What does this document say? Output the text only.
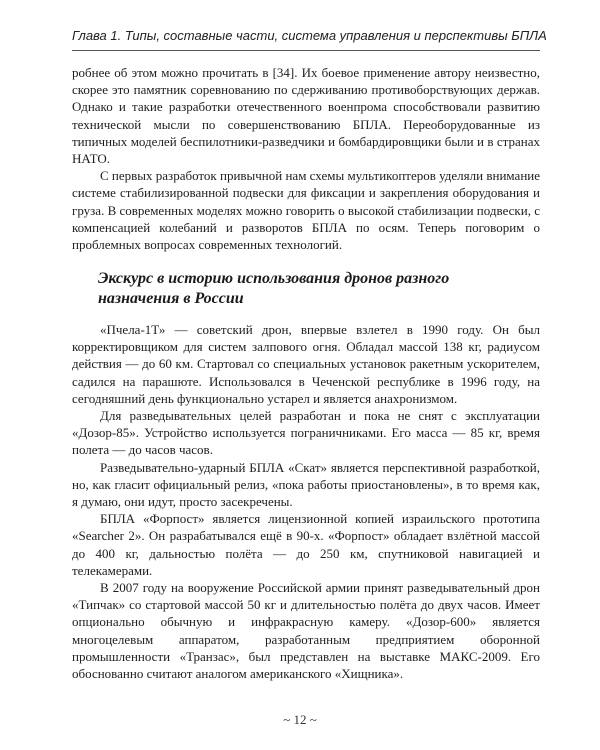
Глава 1. Типы, составные части, система управления и перспективы БПЛА

робнее об этом можно прочитать в [34]. Их боевое применение автору неизвестно, скорее это памятник соревнованию по сдерживанию противоборствующих держав. Однако и такие разработки отечественного военпрома способствовали развитию технической мысли по совершенствованию БПЛА. Переоборудованные из типичных моделей беспилотники-разведчики и бомбардировщики были и в странах НАТО.

С первых разработок привычной нам схемы мультикоптеров уделяли внимание системе стабилизированной подвески для фиксации и закрепления оборудования и груза. В современных моделях можно говорить о высокой стабилизации подвески, с компенсацией колебаний и разворотов БПЛА по осям. Теперь поговорим о проблемных вопросах современных технологий.

Экскурс в историю использования дронов разного
назначения в России

«Пчела-1Т» — советский дрон, впервые взлетел в 1990 году. Он был корректировщиком для систем залпового огня. Обладал массой 138 кг, радиусом действия — до 60 км. Стартовал со специальных установок ракетным ускорителем, садился на парашюте. Использовался в Чеченской республике в 1996 году, на сегодняшний день функционально устарел и является анахронизмом.

Для разведывательных целей разработан и пока не снят с эксплуатации «Дозор-85». Устройство используется пограничниками. Его масса — 85 кг, время полета — до часов часов.

Разведывательно-ударный БПЛА «Скат» является перспективной разработкой, но, как гласит официальный релиз, «пока работы приостановлены», в то время как, я думаю, они идут, просто засекречены.

БПЛА «Форпост» является лицензионной копией израильского прототипа «Searcher 2». Он разрабатывался ещё в 90-х. «Форпост» обладает взлётной массой до 400 кг, дальностью полёта — до 250 км, спутниковой навигацией и телекамерами.

В 2007 году на вооружение Российской армии принят разведывательный дрон «Типчак» со стартовой массой 50 кг и длительностью полёта до двух часов. Имеет опционально обычную и инфракрасную камеру. «Дозор-600» является многоцелевым аппаратом, разработанным предприятием оборонной промышленности «Транзас», был представлен на выставке МАКС-2009. Его обоснованно считают аналогом американского «Хищника».

~ 12 ~
